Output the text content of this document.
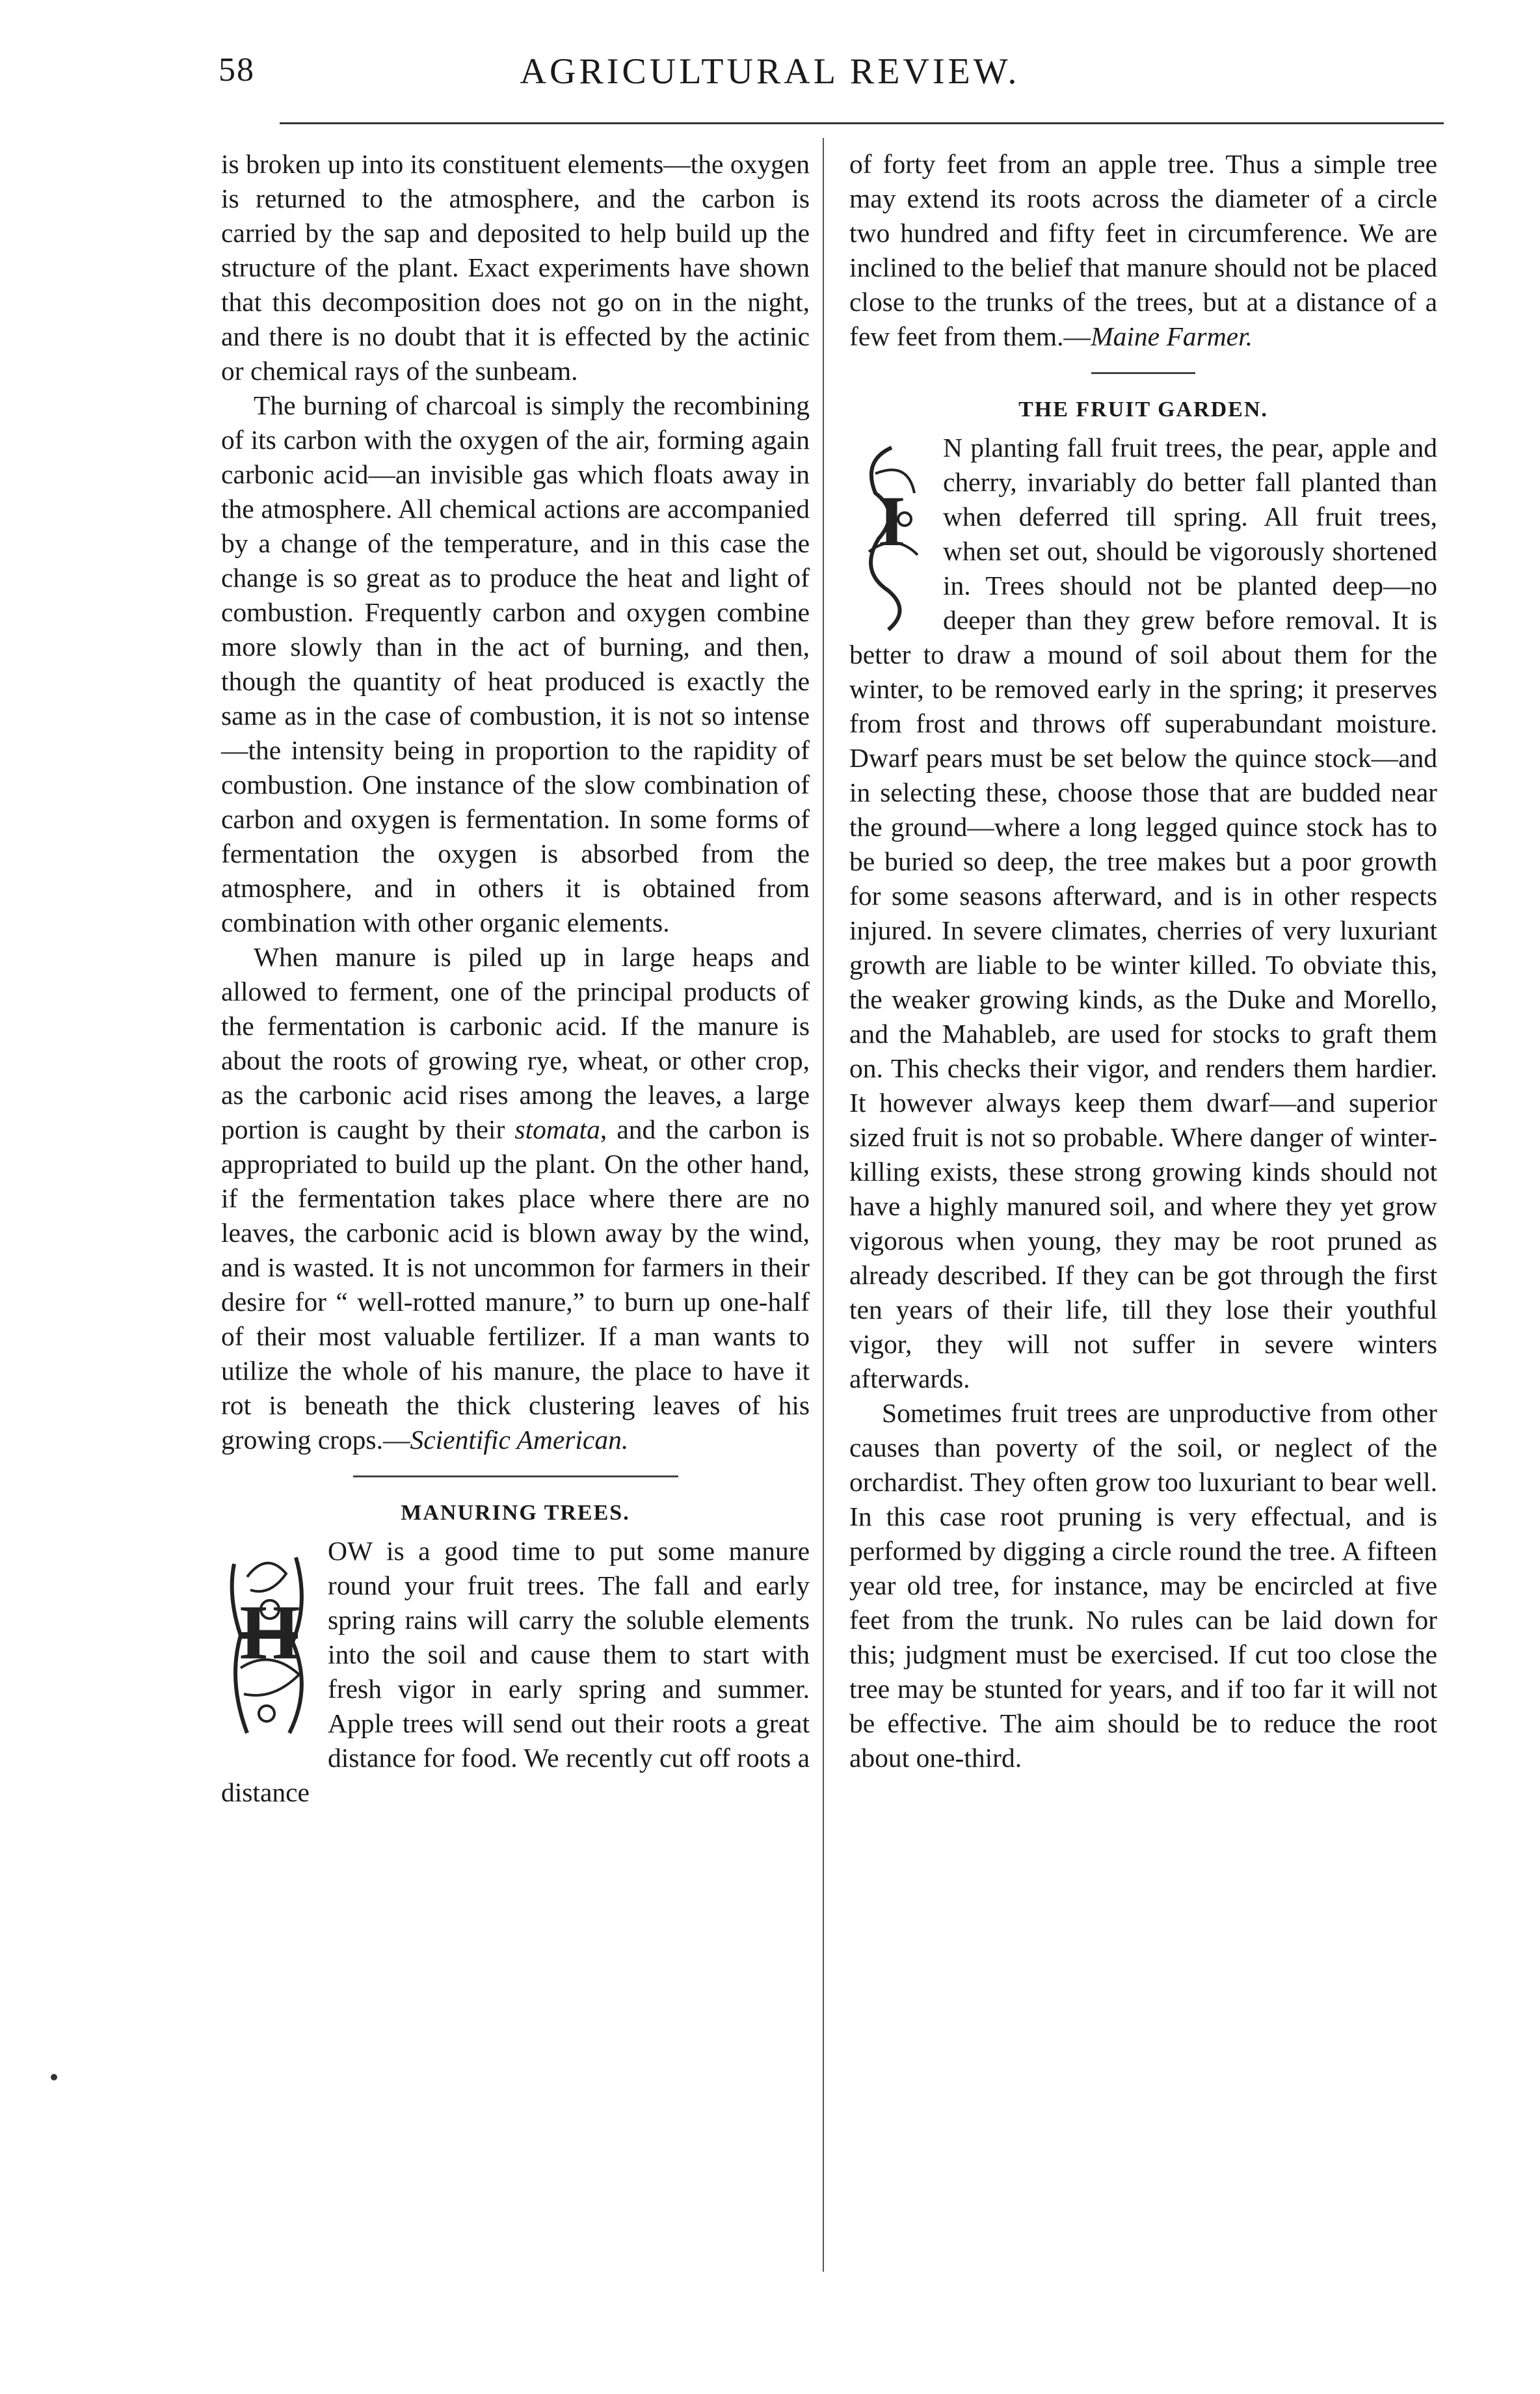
58	AGRICULTURAL REVIEW.

is broken up into its constituent elements—the oxygen is returned to the atmosphere, and the carbon is carried by the sap and deposited to help build up the structure of the plant. Exact experiments have shown that this decomposition does not go on in the night, and there is no doubt that it is effected by the actinic or chemical rays of the sunbeam.

The burning of charcoal is simply the recombining of its carbon with the oxygen of the air, forming again carbonic acid—an invisible gas which floats away in the atmosphere. All chemical actions are accompanied by a change of the temperature, and in this case the change is so great as to produce the heat and light of combustion. Frequently carbon and oxygen combine more slowly than in the act of burning, and then, though the quantity of heat produced is exactly the same as in the case of combustion, it is not so intense—the intensity being in proportion to the rapidity of combustion. One instance of the slow combination of carbon and oxygen is fermentation. In some forms of fermentation the oxygen is absorbed from the atmosphere, and in others it is obtained from combination with other organic elements.

When manure is piled up in large heaps and allowed to ferment, one of the principal products of the fermentation is carbonic acid. If the manure is about the roots of growing rye, wheat, or other crop, as the carbonic acid rises among the leaves, a large portion is caught by their stomata, and the carbon is appropriated to build up the plant. On the other hand, if the fermentation takes place where there are no leaves, the carbonic acid is blown away by the wind, and is wasted. It is not uncommon for farmers in their desire for “ well-rotted manure,” to burn up one-half of their most valuable fertilizer. If a man wants to utilize the whole of his manure, the place to have it rot is beneath the thick clustering leaves of his growing crops.—Scientific American.

MANURING TREES.

H
OW is a good time to put some manure round your fruit trees. The fall and early spring rains will carry the soluble elements into the soil and cause them to start with fresh vigor in early spring and summer. Apple trees will send out their roots a great distance for food. We recently cut off roots a distance

of forty feet from an apple tree. Thus a simple tree may extend its roots across the diameter of a circle two hundred and fifty feet in circumference. We are inclined to the belief that manure should not be placed close to the trunks of the trees, but at a distance of a few feet from them.—Maine Farmer.

THE FRUIT GARDEN.

I
N planting fall fruit trees, the pear, apple and cherry, invariably do better fall planted than when deferred till spring. All fruit trees, when set out, should be vigorously shortened in. Trees should not be planted deep—no deeper than they grew before removal. It is better to draw a mound of soil about them for the winter, to be removed early in the spring; it preserves from frost and throws off superabundant moisture. Dwarf pears must be set below the quince stock—and in selecting these, choose those that are budded near the ground—where a long legged quince stock has to be buried so deep, the tree makes but a poor growth for some seasons afterward, and is in other respects injured. In severe climates, cherries of very luxuriant growth are liable to be winter killed. To obviate this, the weaker growing kinds, as the Duke and Morello, and the Mahableb, are used for stocks to graft them on. This checks their vigor, and renders them hardier. It however always keep them dwarf—and superior sized fruit is not so probable. Where danger of winter-killing exists, these strong growing kinds should not have a highly manured soil, and where they yet grow vigorous when young, they may be root pruned as already described. If they can be got through the first ten years of their life, till they lose their youthful vigor, they will not suffer in severe winters afterwards.

Sometimes fruit trees are unproductive from other causes than poverty of the soil, or neglect of the orchardist. They often grow too luxuriant to bear well. In this case root pruning is very effectual, and is performed by digging a circle round the tree. A fifteen year old tree, for instance, may be encircled at five feet from the trunk. No rules can be laid down for this; judgment must be exercised. If cut too close the tree may be stunted for years, and if too far it will not be effective. The aim should be to reduce the root about one-third.
